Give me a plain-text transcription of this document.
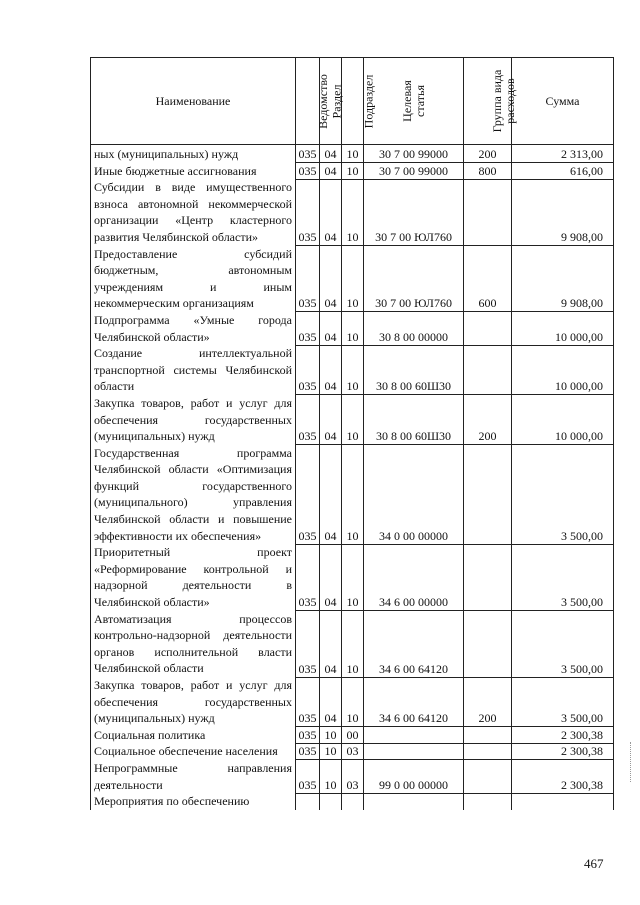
Наименование	Ведомство	Раздел	Подраздел	Целевая статья	Группа вида расходов	Сумма
ных (муниципальных) нужд	035	04	10	30 7 00 99000	200	2 313,00
Иные бюджетные ассигнования	035	04	10	30 7 00 99000	800	616,00
Субсидии в виде имущественного взноса автономной некоммерческой организации «Центр кластерного развития Челябинской области»	035	04	10	30 7 00 ЮЛ760		9 908,00
Предоставление субсидий бюджетным, автономным учреждениям и иным некоммерческим организациям	035	04	10	30 7 00 ЮЛ760	600	9 908,00
Подпрограмма «Умные города Челябинской области»	035	04	10	30 8 00 00000		10 000,00
Создание интеллектуальной транспортной системы Челябинской области	035	04	10	30 8 00 60Ш30		10 000,00
Закупка товаров, работ и услуг для обеспечения государственных (муниципальных) нужд	035	04	10	30 8 00 60Ш30	200	10 000,00
Государственная программа Челябинской области «Оптимизация функций государственного (муниципального) управления Челябинской области и повышение эффективности их обеспечения»	035	04	10	34 0 00 00000		3 500,00
Приоритетный проект «Реформирование контрольной и надзорной деятельности в Челябинской области»	035	04	10	34 6 00 00000		3 500,00
Автоматизация процессов контрольно-надзорной деятельности органов исполнительной власти Челябинской области	035	04	10	34 6 00 64120		3 500,00
Закупка товаров, работ и услуг для обеспечения государственных (муниципальных) нужд	035	04	10	34 6 00 64120	200	3 500,00
Социальная политика	035	10	00			2 300,38
Социальное обеспечение населения	035	10	03			2 300,38
Непрограммные направления деятельности	035	10	03	99 0 00 00000		2 300,38
Мероприятия по обеспечению						
467
